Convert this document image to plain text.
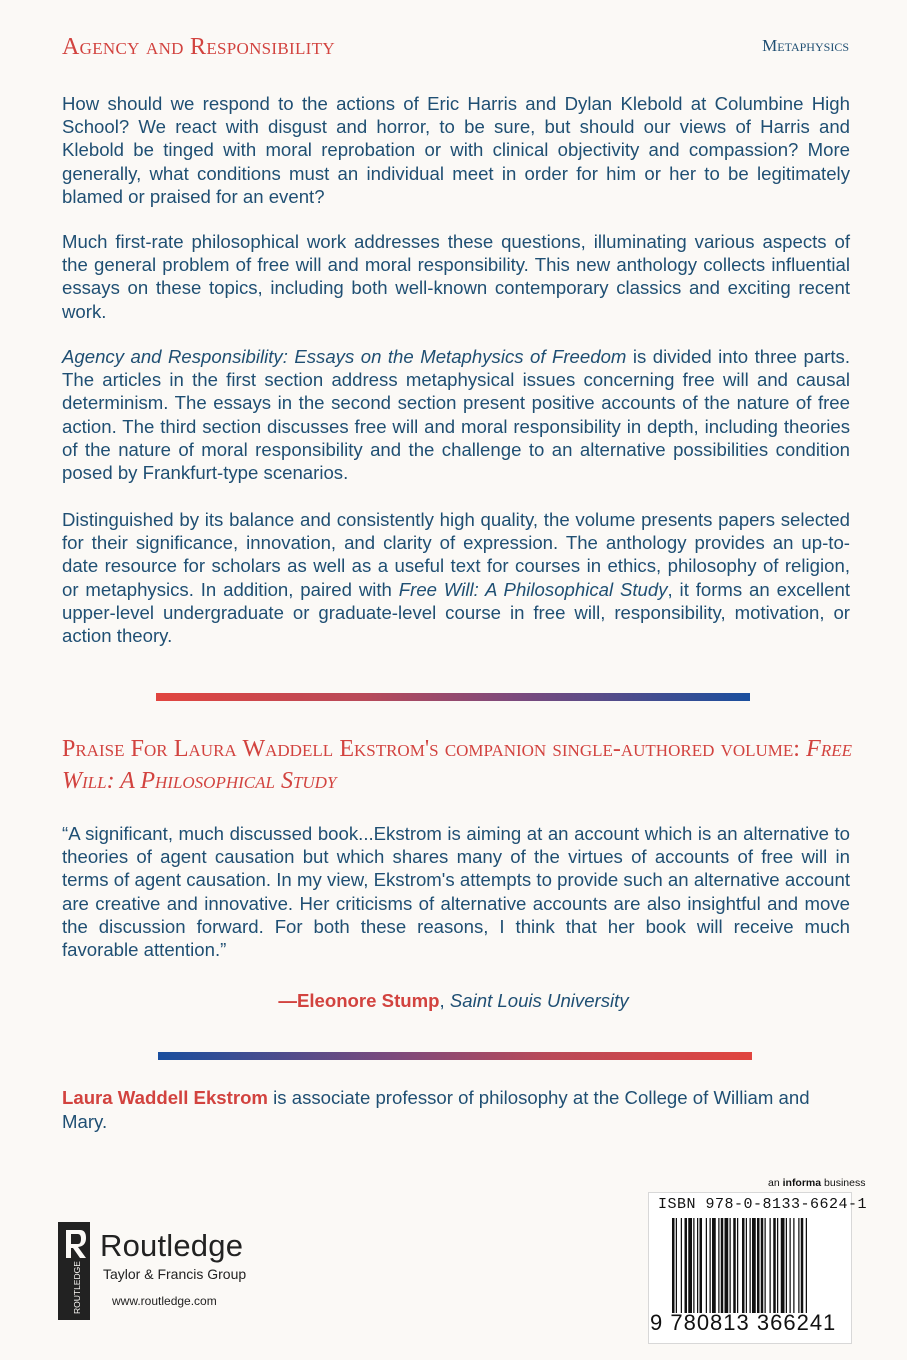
Agency and Responsibility	Metaphysics

How should we respond to the actions of Eric Harris and Dylan Klebold at Columbine High School? We react with disgust and horror, to be sure, but should our views of Harris and Klebold be tinged with moral reprobation or with clinical objectivity and compassion? More generally, what conditions must an individual meet in order for him or her to be legitimately blamed or praised for an event?

Much first-rate philosophical work addresses these questions, illuminating various aspects of the general problem of free will and moral responsibility. This new anthology collects influential essays on these topics, including both well-known contemporary classics and exciting recent work.

Agency and Responsibility: Essays on the Metaphysics of Freedom is divided into three parts. The articles in the first section address metaphysical issues concerning free will and causal determinism. The essays in the second section present positive accounts of the nature of free action. The third section discusses free will and moral responsibility in depth, including theories of the nature of moral responsibility and the challenge to an alternative possibilities condition posed by Frankfurt-type scenarios.

Distinguished by its balance and consistently high quality, the volume presents papers selected for their significance, innovation, and clarity of expression. The anthology provides an up-to-date resource for scholars as well as a useful text for courses in ethics, philosophy of religion, or metaphysics. In addition, paired with Free Will: A Philosophical Study, it forms an excellent upper-level undergraduate or graduate-level course in free will, responsibility, motivation, or action theory.

Praise For Laura Waddell Ekstrom's companion single-authored volume: Free Will: A Philosophical Study

“A significant, much discussed book...Ekstrom is aiming at an account which is an alternative to theories of agent causation but which shares many of the virtues of accounts of free will in terms of agent causation. In my view, Ekstrom's attempts to provide such an alternative account are creative and innovative. Her criticisms of alternative accounts are also insightful and move the discussion forward. For both these reasons, I think that her book will receive much favorable attention.”

—Eleonore Stump, Saint Louis University
Laura Waddell Ekstrom is associate professor of philosophy at the College of William and Mary.
ROUTLEDGE
Routledge
Taylor & Francis Group
www.routledge.com
an informa business
ISBN 978-0-8133-6624-1
9 780813 366241
